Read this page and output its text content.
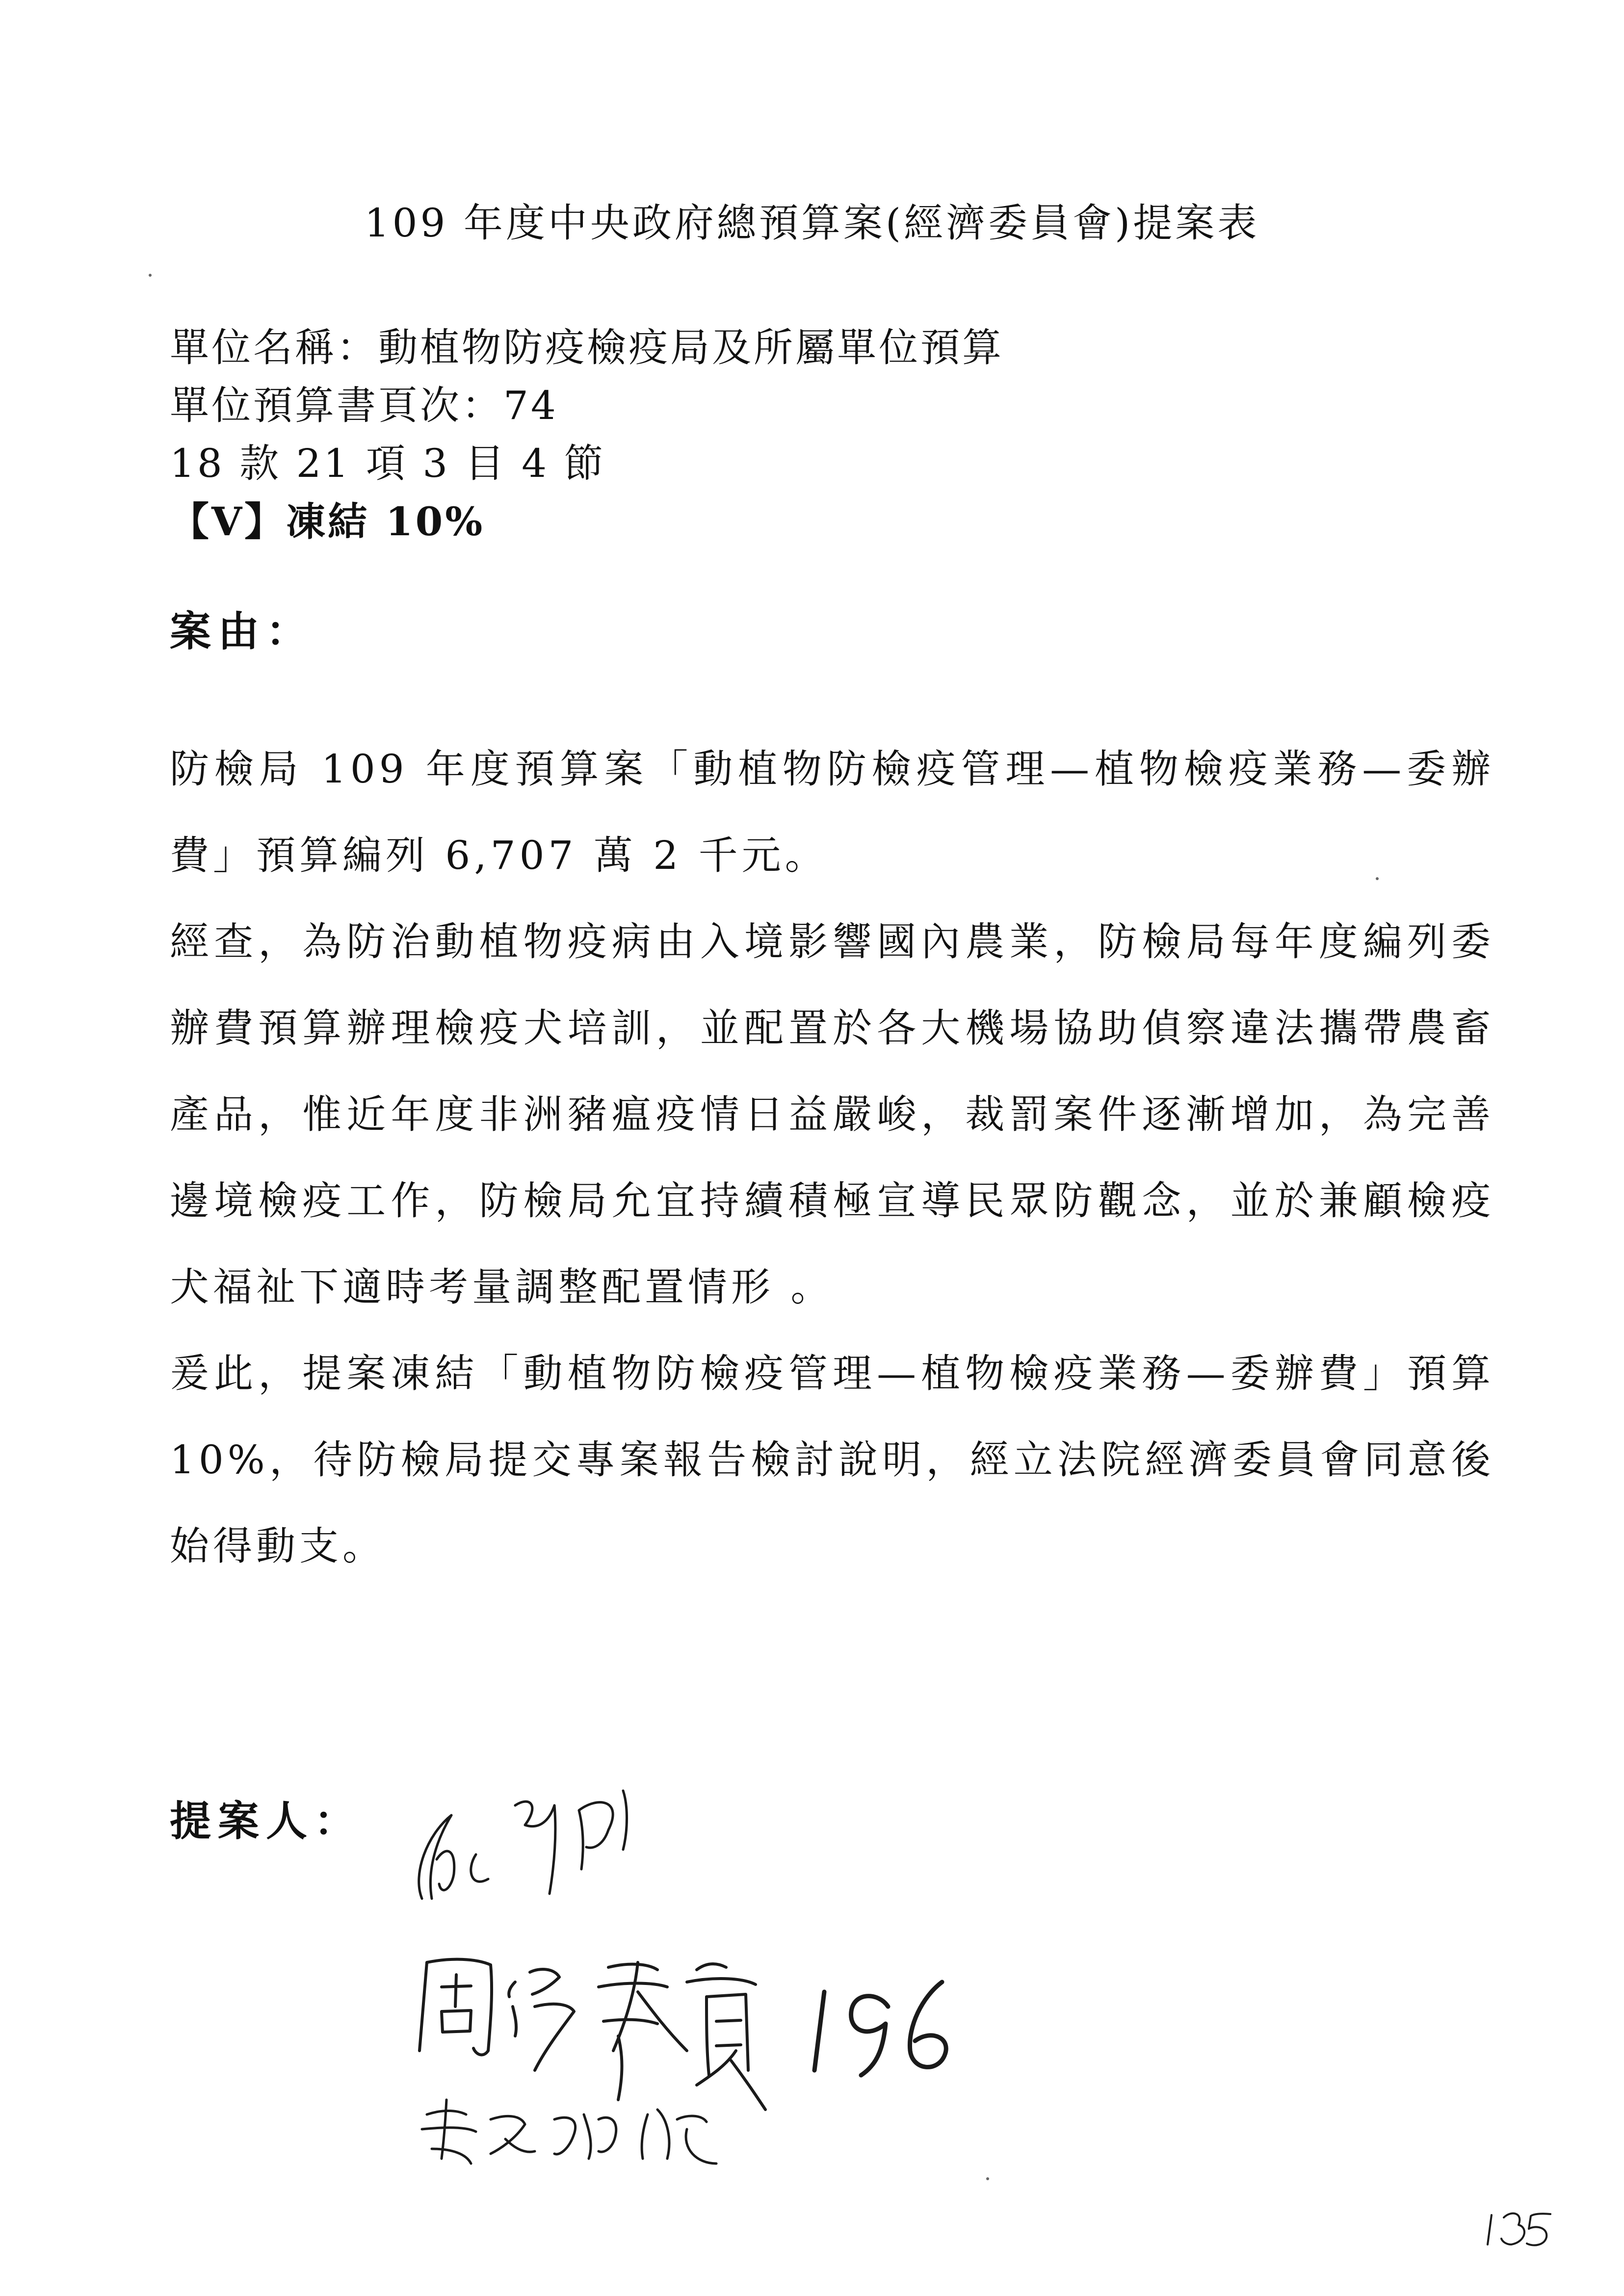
109 年度中央政府總預算案(經濟委員會)提案表
單位名稱：動植物防疫檢疫局及所屬單位預算
單位預算書頁次：74
18 款 21 項 3 目 4 節
【V】凍結 10%
案由：

防檢局 109 年度預算案「動植物防檢疫管理—植物檢疫業務—委辦費」預算編列 6,707 萬 2 千元。

經查，為防治動植物疫病由入境影響國內農業，防檢局每年度編列委辦費預算辦理檢疫犬培訓，並配置於各大機場協助偵察違法攜帶農畜產品，惟近年度非洲豬瘟疫情日益嚴峻，裁罰案件逐漸增加，為完善邊境檢疫工作，防檢局允宜持續積極宣導民眾防觀念，並於兼顧檢疫犬福祉下適時考量調整配置情形 。

爰此，提案凍結「動植物防檢疫管理—植物檢疫業務—委辦費」預算10%，待防檢局提交專案報告檢討說明，經立法院經濟委員會同意後始得動支。

提案人：
